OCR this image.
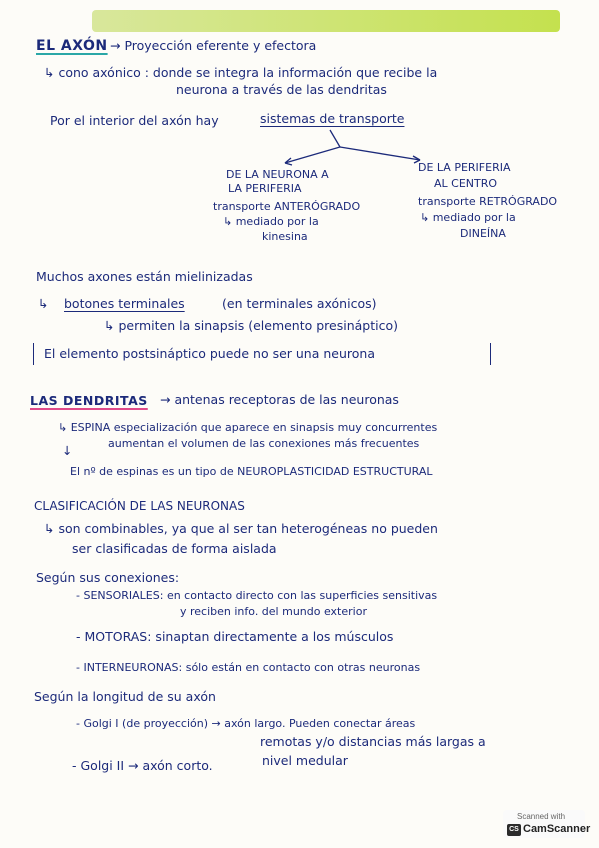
EL AXÓN → Proyección eferente y efectora
↳ cono axónico : donde se integra la información que recibe la
neurona a través de las dendritas
Por el interior del axón hay	sistemas de transporte
DE LA NEURONA A
LA PERIFERIA
transporte ANTERÓGRADO
↳ mediado por la
kinesina
DE LA PERIFERIA
AL CENTRO
transporte RETRÓGRADO
↳ mediado por la
DINEÍNA
Muchos axones están mielinizadas
↳ botones terminales	(en terminales axónicos)
↳ permiten la sinapsis (elemento presináptico)
El elemento postsináptico puede no ser una neurona
LAS DENDRITAS → antenas receptoras de las neuronas
↳ ESPINA especialización que aparece en sinapsis muy concurrentes
aumentan el volumen de las conexiones más frecuentes
↓
El nº de espinas es un tipo de NEUROPLASTICIDAD ESTRUCTURAL
CLASIFICACIÓN DE LAS NEURONAS
↳ son combinables, ya que al ser tan heterogéneas no pueden
ser clasificadas de forma aislada
Según sus conexiones:
- SENSORIALES: en contacto directo con las superficies sensitivas
y reciben info. del mundo exterior
- MOTORAS: sinaptan directamente a los músculos
- INTERNEURONAS: sólo están en contacto con otras neuronas
Según la longitud de su axón
- Golgi I (de proyección) → axón largo. Pueden conectar áreas
remotas y/o distancias más largas a
nivel medular
- Golgi II → axón corto.
Scanned with
CS CamScanner
